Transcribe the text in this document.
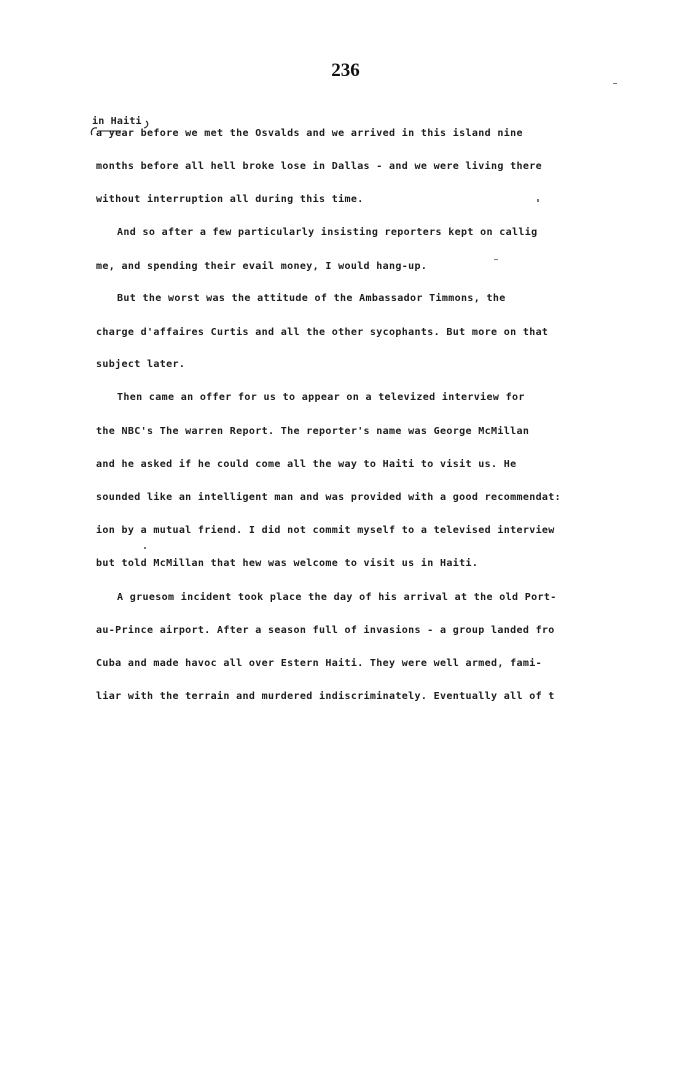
236
in Haiti
a year before we met the Osvalds and we arrived in this island nine
months before all hell broke lose in Dallas - and we were living there
without interruption all during this time.
And so after a few particularly insisting reporters kept on callig
me, and spending their evail money, I would hang-up.
But the worst was the attitude of the Ambassador Timmons, the
charge d'affaires Curtis and all the other sycophants. But more on that
subject later.
Then came an offer for us to appear on a televized interview for
the NBC's The warren Report. The reporter's name was George McMillan
and he asked if he could come all the way to Haiti to visit us. He
sounded like an intelligent man and was provided with a good recommendat:
ion by a mutual friend. I did not commit myself to a televised interview
but told McMillan that hew was welcome to visit us in Haiti.
A gruesom incident took place the day of his arrival at the old Port-
au-Prince airport. After a season full of invasions - a group landed fro
Cuba and made havoc all over Estern Haiti. They were well armed, fami-
liar with the terrain and murdered indiscriminately. Eventually all of t
